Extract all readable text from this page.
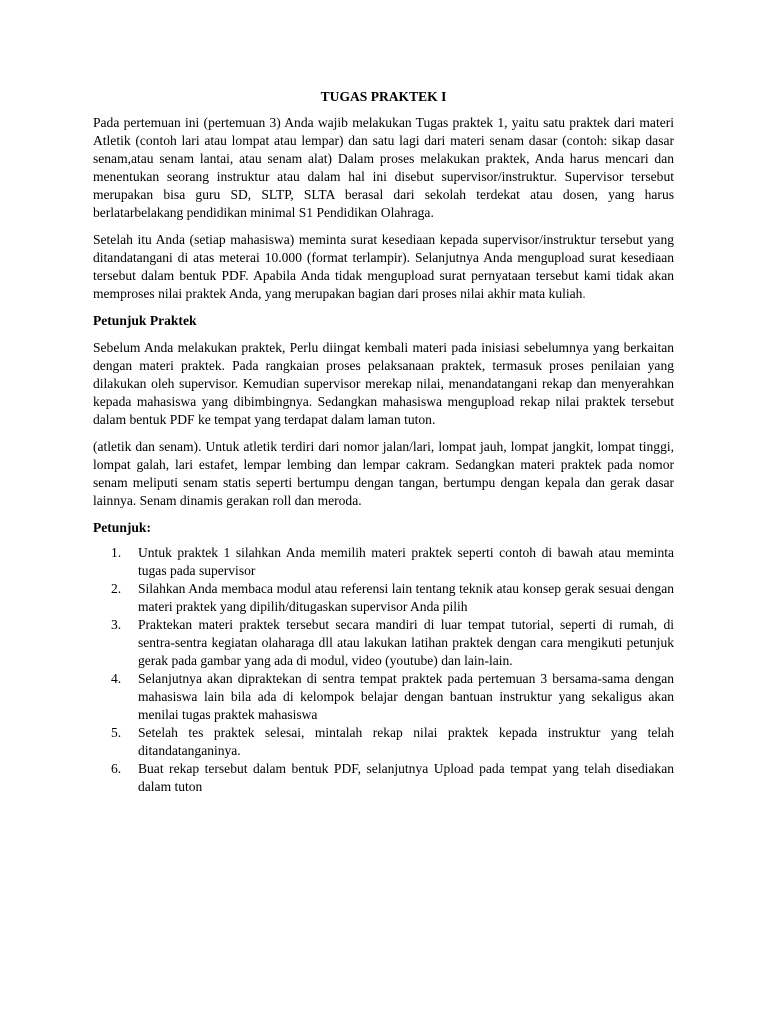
TUGAS PRAKTEK I

Pada pertemuan ini (pertemuan 3) Anda wajib melakukan Tugas praktek 1, yaitu satu praktek dari materi Atletik (contoh lari atau lompat atau lempar) dan satu lagi dari materi senam dasar (contoh: sikap dasar senam,atau senam lantai, atau senam alat) Dalam proses melakukan praktek, Anda harus mencari dan menentukan seorang instruktur atau dalam hal ini disebut supervisor/instruktur. Supervisor tersebut merupakan bisa guru SD, SLTP, SLTA berasal dari sekolah terdekat atau dosen, yang harus berlatarbelakang pendidikan minimal S1 Pendidikan Olahraga.

Setelah itu Anda (setiap mahasiswa) meminta surat kesediaan kepada supervisor/instruktur tersebut yang ditandatangani di atas meterai 10.000 (format terlampir). Selanjutnya Anda mengupload surat kesediaan tersebut dalam bentuk PDF. Apabila Anda tidak mengupload surat pernyataan tersebut kami tidak akan memproses nilai praktek Anda, yang merupakan bagian dari proses nilai akhir mata kuliah.

Petunjuk Praktek

Sebelum Anda melakukan praktek, Perlu diingat kembali materi pada inisiasi sebelumnya yang berkaitan dengan materi praktek. Pada rangkaian proses pelaksanaan praktek, termasuk proses penilaian yang dilakukan oleh supervisor. Kemudian supervisor merekap nilai, menandatangani rekap dan menyerahkan kepada mahasiswa yang dibimbingnya. Sedangkan mahasiswa mengupload rekap nilai praktek tersebut dalam bentuk PDF ke tempat yang terdapat dalam laman tuton.

(atletik dan senam). Untuk atletik terdiri dari nomor jalan/lari, lompat jauh, lompat jangkit, lompat tinggi, lompat galah, lari estafet, lempar lembing dan lempar cakram. Sedangkan materi praktek pada nomor senam meliputi senam statis seperti bertumpu dengan tangan, bertumpu dengan kepala dan gerak dasar lainnya. Senam dinamis gerakan roll dan meroda.

Petunjuk:
1. Untuk praktek 1 silahkan Anda memilih materi praktek seperti contoh di bawah atau meminta tugas pada supervisor
2. Silahkan Anda membaca modul atau referensi lain tentang teknik atau konsep gerak sesuai dengan materi praktek yang dipilih/ditugaskan supervisor Anda pilih
3. Praktekan materi praktek tersebut secara mandiri di luar tempat tutorial, seperti di rumah, di sentra-sentra kegiatan olaharaga dll atau lakukan latihan praktek dengan cara mengikuti petunjuk gerak pada gambar yang ada di modul, video (youtube) dan lain-lain.
4. Selanjutnya akan dipraktekan di sentra tempat praktek pada pertemuan 3 bersama-sama dengan mahasiswa lain bila ada di kelompok belajar dengan bantuan instruktur yang sekaligus akan menilai tugas praktek mahasiswa
5. Setelah tes praktek selesai, mintalah rekap nilai praktek kepada instruktur yang telah ditandatanganinya.
6. Buat rekap tersebut dalam bentuk PDF, selanjutnya Upload pada tempat yang telah disediakan dalam tuton
